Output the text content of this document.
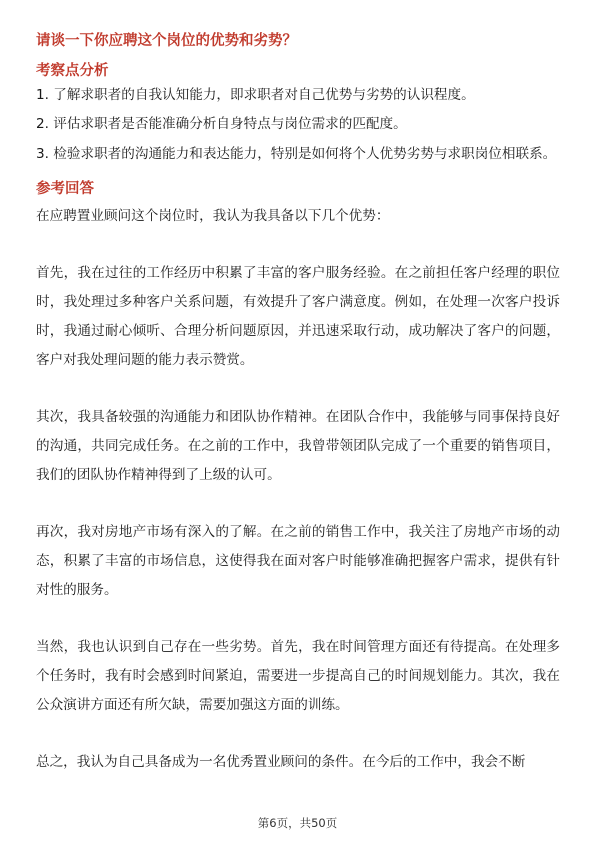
请谈一下你应聘这个岗位的优势和劣势？
考察点分析
1. 了解求职者的自我认知能力，即求职者对自己优势与劣势的认识程度。
2. 评估求职者是否能准确分析自身特点与岗位需求的匹配度。
3. 检验求职者的沟通能力和表达能力，特别是如何将个人优势劣势与求职岗位相联系。
参考回答

在应聘置业顾问这个岗位时，我认为我具备以下几个优势：

首先，我在过往的工作经历中积累了丰富的客户服务经验。在之前担任客户经理的职位时，我处理过多种客户关系问题，有效提升了客户满意度。例如，在处理一次客户投诉时，我通过耐心倾听、合理分析问题原因，并迅速采取行动，成功解决了客户的问题，客户对我处理问题的能力表示赞赏。

其次，我具备较强的沟通能力和团队协作精神。在团队合作中，我能够与同事保持良好的沟通，共同完成任务。在之前的工作中，我曾带领团队完成了一个重要的销售项目，我们的团队协作精神得到了上级的认可。

再次，我对房地产市场有深入的了解。在之前的销售工作中，我关注了房地产市场的动态，积累了丰富的市场信息，这使得我在面对客户时能够准确把握客户需求，提供有针对性的服务。

当然，我也认识到自己存在一些劣势。首先，我在时间管理方面还有待提高。在处理多个任务时，我有时会感到时间紧迫，需要进一步提高自己的时间规划能力。其次，我在公众演讲方面还有所欠缺，需要加强这方面的训练。

总之，我认为自己具备成为一名优秀置业顾问的条件。在今后的工作中，我会不断

第6页，共50页
